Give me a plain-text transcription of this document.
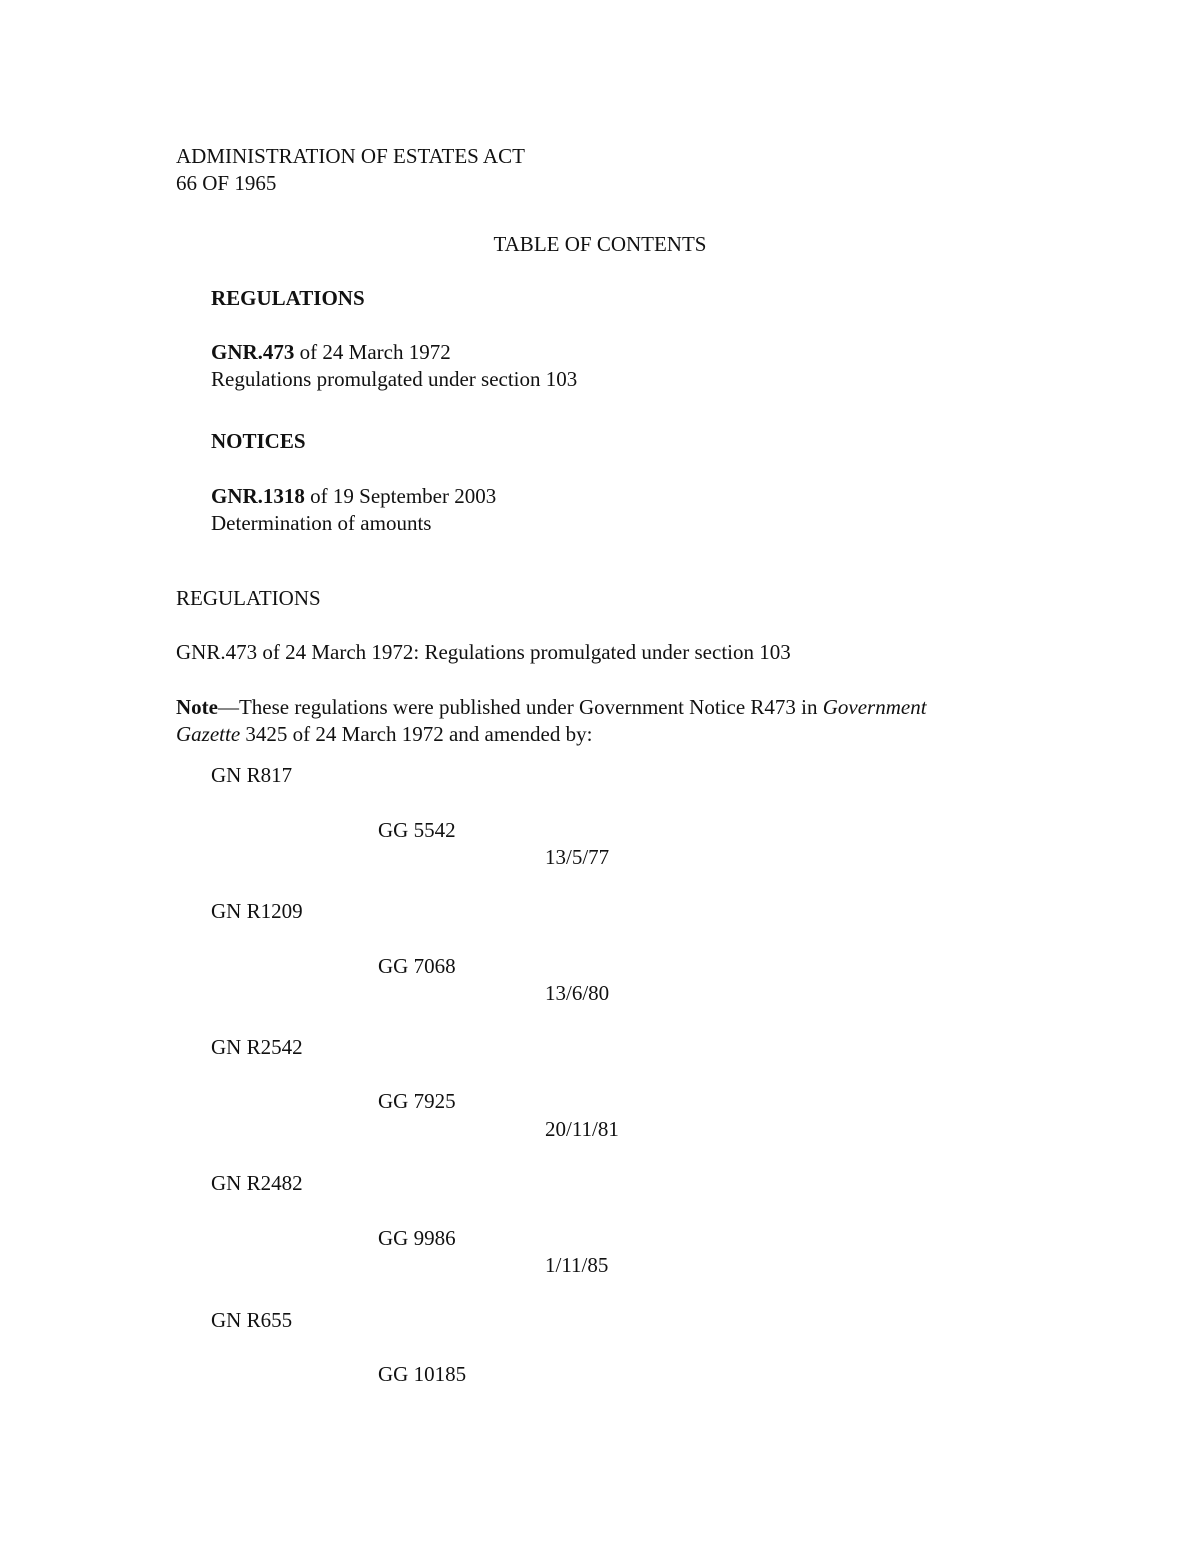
ADMINISTRATION OF ESTATES ACT
66 OF 1965
TABLE OF CONTENTS
REGULATIONS
GNR.473 of 24 March 1972
Regulations promulgated under section 103
NOTICES
GNR.1318 of 19 September 2003
Determination of amounts
REGULATIONS
GNR.473 of 24 March 1972: Regulations promulgated under section 103
Note—These regulations were published under Government Notice R473 in Government
Gazette 3425 of 24 March 1972 and amended by:
GN R817
GG 5542
13/5/77
GN R1209
GG 7068
13/6/80
GN R2542
GG 7925
20/11/81
GN R2482
GG 9986
1/11/85
GN R655
GG 10185
